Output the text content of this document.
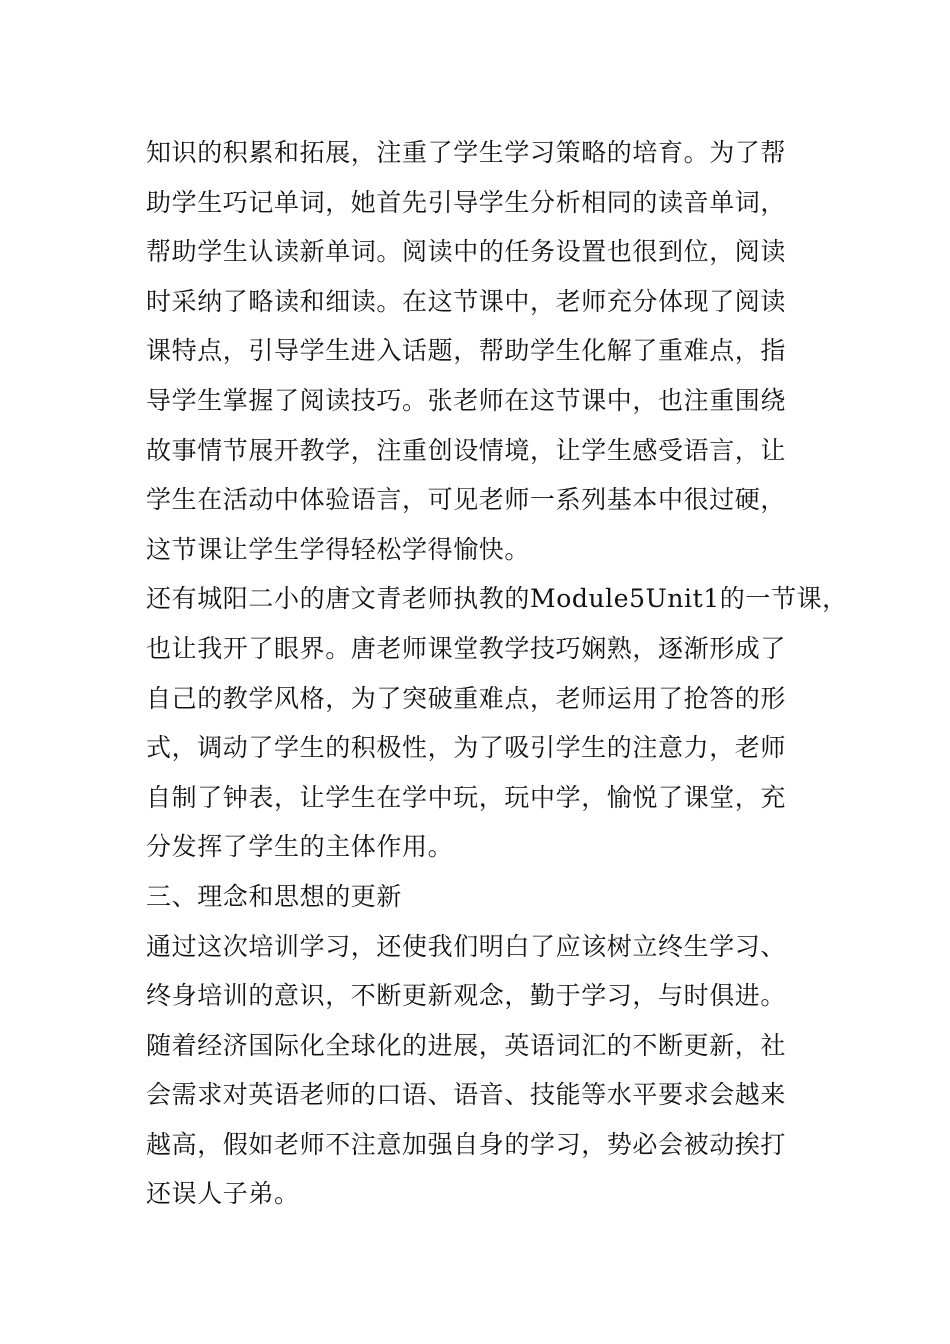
知识的积累和拓展，注重了学生学习策略的培育。为了帮
助学生巧记单词，她首先引导学生分析相同的读音单词，
帮助学生认读新单词。阅读中的任务设置也很到位，阅读
时采纳了略读和细读。在这节课中，老师充分体现了阅读
课特点，引导学生进入话题，帮助学生化解了重难点，指
导学生掌握了阅读技巧。张老师在这节课中，也注重围绕
故事情节展开教学，注重创设情境，让学生感受语言，让
学生在活动中体验语言，可见老师一系列基本中很过硬，
这节课让学生学得轻松学得愉快。
还有城阳二小的唐文青老师执教的Module5Unit1的一节课，
也让我开了眼界。唐老师课堂教学技巧娴熟，逐渐形成了
自己的教学风格，为了突破重难点，老师运用了抢答的形
式，调动了学生的积极性，为了吸引学生的注意力，老师
自制了钟表，让学生在学中玩，玩中学，愉悦了课堂，充
分发挥了学生的主体作用。
三、理念和思想的更新
通过这次培训学习，还使我们明白了应该树立终生学习、
终身培训的意识，不断更新观念，勤于学习，与时俱进。
随着经济国际化全球化的进展，英语词汇的不断更新，社
会需求对英语老师的口语、语音、技能等水平要求会越来
越高，假如老师不注意加强自身的学习，势必会被动挨打
还误人子弟。
